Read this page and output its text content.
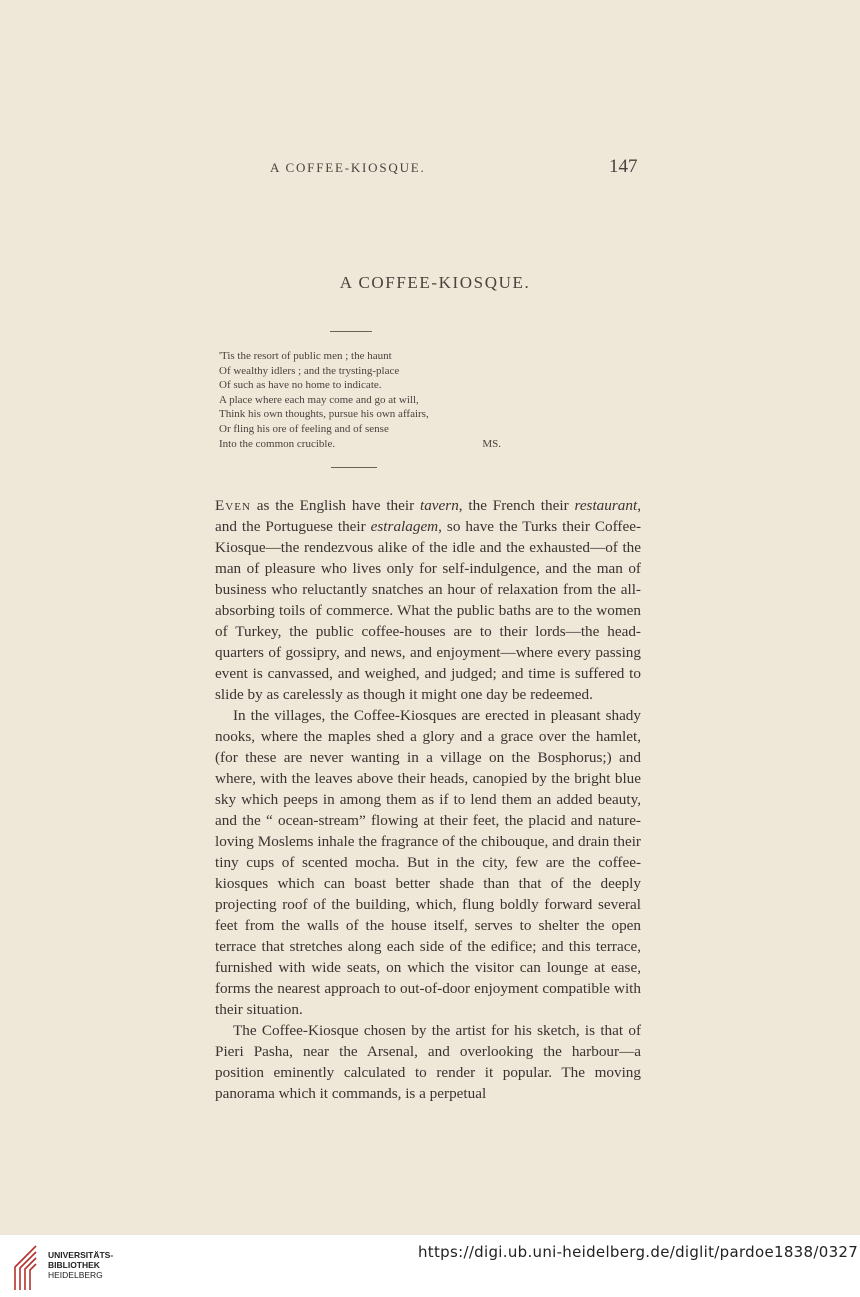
A COFFEE-KIOSQUE.	147
A COFFEE-KIOSQUE.
'Tis the resort of public men ; the haunt
Of wealthy idlers ; and the trysting-place
Of such as have no home to indicate.
A place where each may come and go at will,
Think his own thoughts, pursue his own affairs,
Or fling his ore of feeling and of sense
Into the common crucible.	MS.

Even as the English have their tavern, the French their restaurant, and the Portuguese their estralagem, so have the Turks their Coffee-Kiosque—the rendezvous alike of the idle and the exhausted—of the man of pleasure who lives only for self-indulgence, and the man of business who reluctantly snatches an hour of relaxation from the all-absorbing toils of commerce. What the public baths are to the women of Turkey, the public coffee-houses are to their lords—the head-quarters of gossipry, and news, and enjoyment—where every passing event is canvassed, and weighed, and judged; and time is suffered to slide by as carelessly as though it might one day be redeemed.

In the villages, the Coffee-Kiosques are erected in pleasant shady nooks, where the maples shed a glory and a grace over the hamlet, (for these are never wanting in a village on the Bosphorus;) and where, with the leaves above their heads, canopied by the bright blue sky which peeps in among them as if to lend them an added beauty, and the “ ocean-stream” flowing at their feet, the placid and nature-loving Moslems inhale the fragrance of the chibouque, and drain their tiny cups of scented mocha. But in the city, few are the coffee-kiosques which can boast better shade than that of the deeply projecting roof of the building, which, flung boldly forward several feet from the walls of the house itself, serves to shelter the open terrace that stretches along each side of the edifice; and this terrace, furnished with wide seats, on which the visitor can lounge at ease, forms the nearest approach to out-of-door enjoyment compatible with their situation.

The Coffee-Kiosque chosen by the artist for his sketch, is that of Pieri Pasha, near the Arsenal, and overlooking the harbour—a position eminently calculated to render it popular. The moving panorama which it commands, is a perpetual

UNIVERSITÄTS-
BIBLIOTHEK
HEIDELBERG
https://digi.ub.uni-heidelberg.de/diglit/pardoe1838/0327
